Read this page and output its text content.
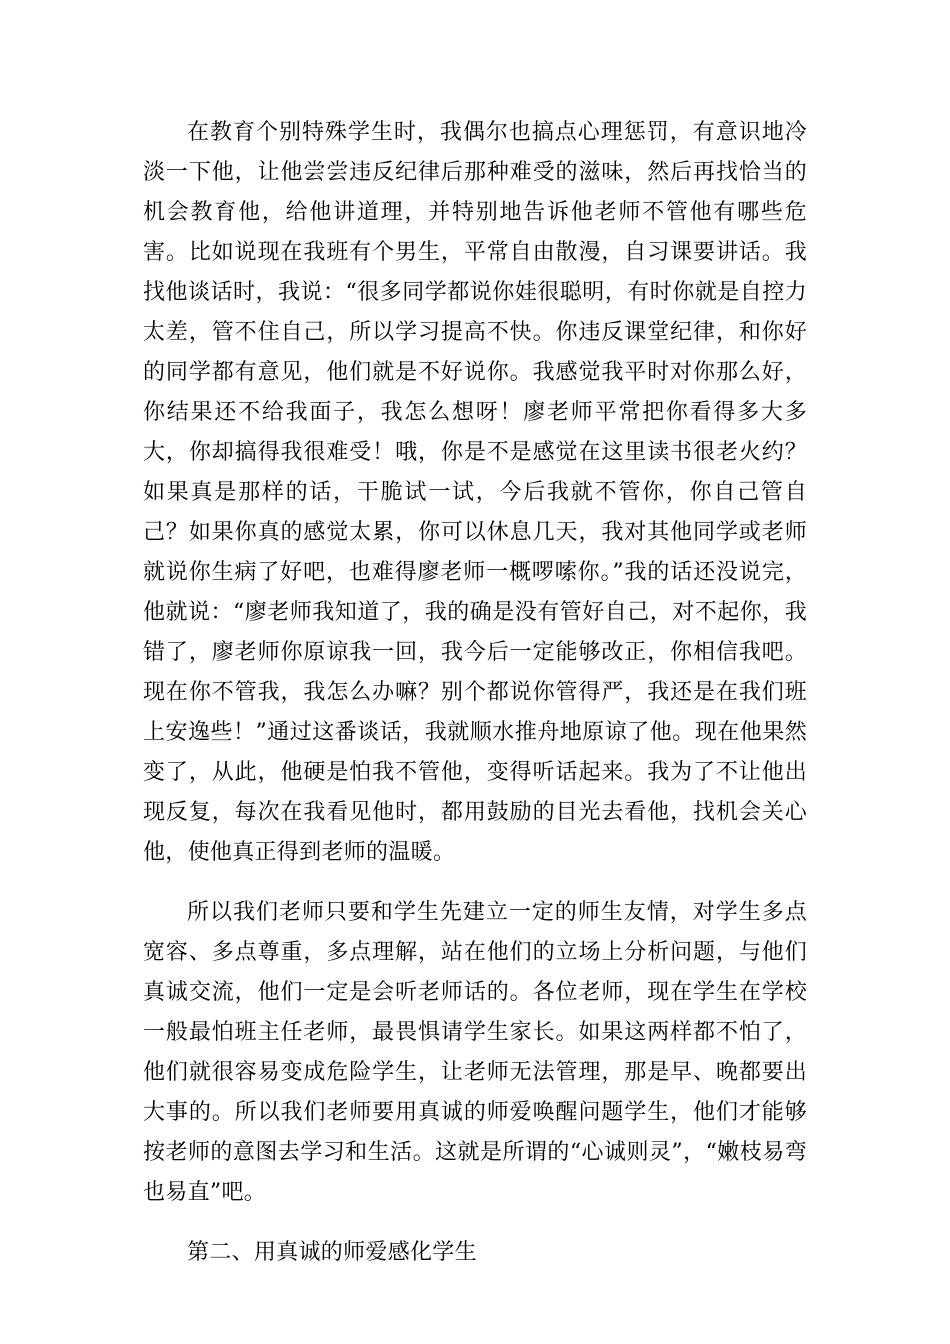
在教育个别特殊学生时，我偶尔也搞点心理惩罚，有意识地冷淡一下他，让他尝尝违反纪律后那种难受的滋味，然后再找恰当的机会教育他，给他讲道理，并特别地告诉他老师不管他有哪些危害。比如说现在我班有个男生，平常自由散漫，自习课要讲话。我找他谈话时，我说：“很多同学都说你娃很聪明，有时你就是自控力太差，管不住自己，所以学习提高不快。你违反课堂纪律，和你好的同学都有意见，他们就是不好说你。我感觉我平时对你那么好，你结果还不给我面子，我怎么想呀！廖老师平常把你看得多大多大，你却搞得我很难受！哦，你是不是感觉在这里读书很老火约？如果真是那样的话，干脆试一试，今后我就不管你，你自己管自己？如果你真的感觉太累，你可以休息几天，我对其他同学或老师就说你生病了好吧，也难得廖老师一概啰嗦你。”我的话还没说完，他就说：“廖老师我知道了，我的确是没有管好自己，对不起你，我错了，廖老师你原谅我一回，我今后一定能够改正，你相信我吧。现在你不管我，我怎么办嘛？别个都说你管得严，我还是在我们班上安逸些！”通过这番谈话，我就顺水推舟地原谅了他。现在他果然变了，从此，他硬是怕我不管他，变得听话起来。我为了不让他出现反复，每次在我看见他时，都用鼓励的目光去看他，找机会关心他，使他真正得到老师的温暖。

所以我们老师只要和学生先建立一定的师生友情，对学生多点宽容、多点尊重，多点理解，站在他们的立场上分析问题，与他们真诚交流，他们一定是会听老师话的。各位老师，现在学生在学校一般最怕班主任老师，最畏惧请学生家长。如果这两样都不怕了，他们就很容易变成危险学生，让老师无法管理，那是早、晚都要出大事的。所以我们老师要用真诚的师爱唤醒问题学生，他们才能够按老师的意图去学习和生活。这就是所谓的“心诚则灵”，“嫩枝易弯也易直”吧。

第二、用真诚的师爱感化学生
